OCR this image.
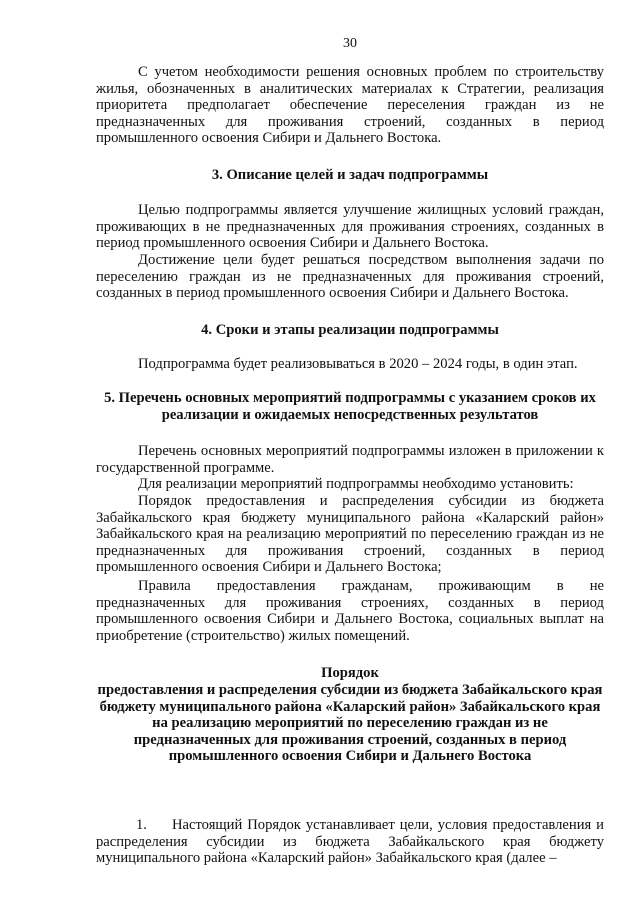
30

С учетом необходимости решения основных проблем по строительству жилья, обозначенных в аналитических материалах к Стратегии, реализация приоритета предполагает обеспечение переселения граждан из не предназначенных для проживания строений, созданных в период промышленного освоения Сибири и Дальнего Востока.

3. Описание целей и задач подпрограммы

Целью подпрограммы является улучшение жилищных условий граждан, проживающих в не предназначенных для проживания строениях, созданных в период промышленного освоения Сибири и Дальнего Востока.

Достижение цели будет решаться посредством выполнения задачи по переселению граждан из не предназначенных для проживания строений, созданных в период промышленного освоения Сибири и Дальнего Востока.

4. Сроки и этапы реализации подпрограммы

Подпрограмма будет реализовываться в 2020 – 2024 годы, в один этап.

5. Перечень основных мероприятий подпрограммы с указанием сроков их реализации и ожидаемых непосредственных результатов

Перечень основных мероприятий подпрограммы изложен в приложении к государственной программе.

Для реализации мероприятий подпрограммы необходимо установить:

Порядок предоставления и распределения субсидии из бюджета Забайкальского края бюджету муниципального района «Каларский район» Забайкальского края на реализацию мероприятий по переселению граждан из не предназначенных для проживания строений, созданных в период промышленного освоения Сибири и Дальнего Востока;

Правила предоставления гражданам, проживающим в не предназначенных для проживания строениях, созданных в период промышленного освоения Сибири и Дальнего Востока, социальных выплат на приобретение (строительство) жилых помещений.

Порядок

предоставления и распределения субсидии из бюджета Забайкальского края бюджету муниципального района «Каларский район» Забайкальского края на реализацию мероприятий по переселению граждан из не предназначенных для проживания строений, созданных в период промышленного освоения Сибири и Дальнего Востока

1. Настоящий Порядок устанавливает цели, условия предоставления и распределения субсидии из бюджета Забайкальского края бюджету муниципального района «Каларский район» Забайкальского края (далее –
